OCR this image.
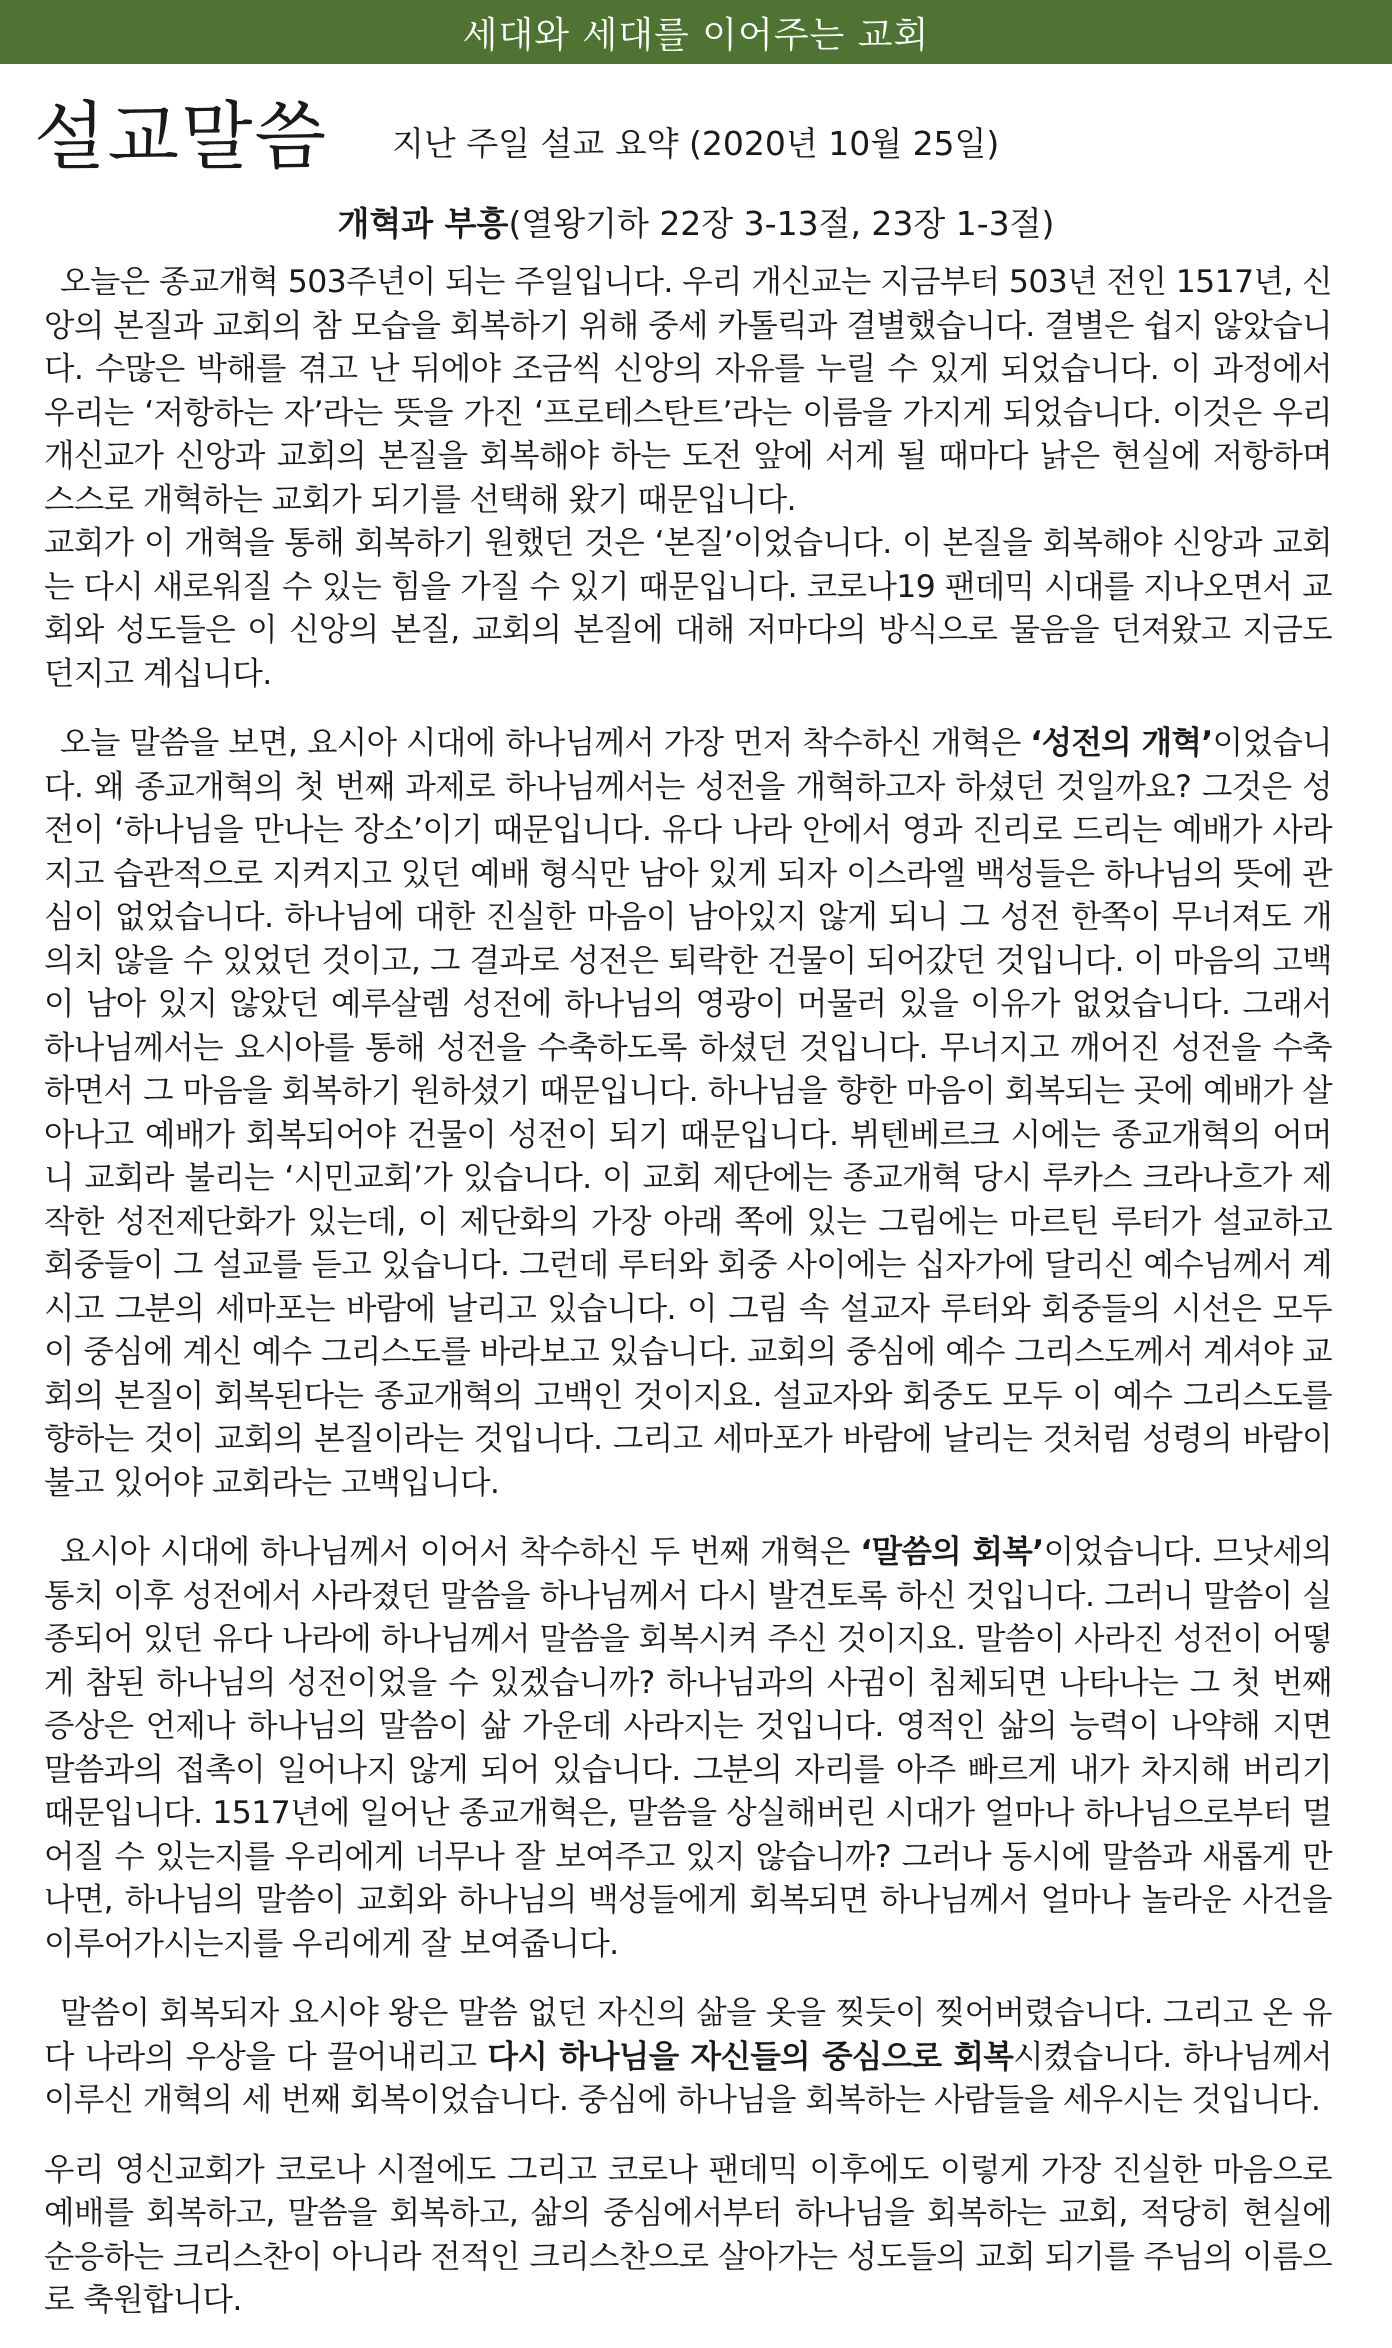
세대와 세대를 이어주는 교회
설교말씀 지난 주일 설교 요약 (2020년 10월 25일)
개혁과 부흥(열왕기하 22장 3-13절, 23장 1-3절)

오늘은 종교개혁 503주년이 되는 주일입니다. 우리 개신교는 지금부터 503년 전인 1517년, 신앙의 본질과 교회의 참 모습을 회복하기 위해 중세 카톨릭과 결별했습니다. 결별은 쉽지 않았습니다. 수많은 박해를 겪고 난 뒤에야 조금씩 신앙의 자유를 누릴 수 있게 되었습니다. 이 과정에서 우리는 ‘저항하는 자’라는 뜻을 가진 ‘프로테스탄트’라는 이름을 가지게 되었습니다. 이것은 우리 개신교가 신앙과 교회의 본질을 회복해야 하는 도전 앞에 서게 될 때마다 낡은 현실에 저항하며 스스로 개혁하는 교회가 되기를 선택해 왔기 때문입니다.

교회가 이 개혁을 통해 회복하기 원했던 것은 ‘본질’이었습니다. 이 본질을 회복해야 신앙과 교회는 다시 새로워질 수 있는 힘을 가질 수 있기 때문입니다. 코로나19 팬데믹 시대를 지나오면서 교회와 성도들은 이 신앙의 본질, 교회의 본질에 대해 저마다의 방식으로 물음을 던져왔고 지금도 던지고 계십니다.

오늘 말씀을 보면, 요시아 시대에 하나님께서 가장 먼저 착수하신 개혁은 ‘성전의 개혁’이었습니다. 왜 종교개혁의 첫 번째 과제로 하나님께서는 성전을 개혁하고자 하셨던 것일까요? 그것은 성전이 ‘하나님을 만나는 장소’이기 때문입니다. 유다 나라 안에서 영과 진리로 드리는 예배가 사라지고 습관적으로 지켜지고 있던 예배 형식만 남아 있게 되자 이스라엘 백성들은 하나님의 뜻에 관심이 없었습니다. 하나님에 대한 진실한 마음이 남아있지 않게 되니 그 성전 한쪽이 무너져도 개의치 않을 수 있었던 것이고, 그 결과로 성전은 퇴락한 건물이 되어갔던 것입니다. 이 마음의 고백이 남아 있지 않았던 예루살렘 성전에 하나님의 영광이 머물러 있을 이유가 없었습니다. 그래서 하나님께서는 요시아를 통해 성전을 수축하도록 하셨던 것입니다. 무너지고 깨어진 성전을 수축하면서 그 마음을 회복하기 원하셨기 때문입니다. 하나님을 향한 마음이 회복되는 곳에 예배가 살아나고 예배가 회복되어야 건물이 성전이 되기 때문입니다. 뷔텐베르크 시에는 종교개혁의 어머니 교회라 불리는 ‘시민교회’가 있습니다. 이 교회 제단에는 종교개혁 당시 루카스 크라나흐가 제작한 성전제단화가 있는데, 이 제단화의 가장 아래 쪽에 있는 그림에는 마르틴 루터가 설교하고 회중들이 그 설교를 듣고 있습니다. 그런데 루터와 회중 사이에는 십자가에 달리신 예수님께서 계시고 그분의 세마포는 바람에 날리고 있습니다. 이 그림 속 설교자 루터와 회중들의 시선은 모두 이 중심에 계신 예수 그리스도를 바라보고 있습니다. 교회의 중심에 예수 그리스도께서 계셔야 교회의 본질이 회복된다는 종교개혁의 고백인 것이지요. 설교자와 회중도 모두 이 예수 그리스도를 향하는 것이 교회의 본질이라는 것입니다. 그리고 세마포가 바람에 날리는 것처럼 성령의 바람이 불고 있어야 교회라는 고백입니다.

요시아 시대에 하나님께서 이어서 착수하신 두 번째 개혁은 ‘말씀의 회복’이었습니다. 므낫세의 통치 이후 성전에서 사라졌던 말씀을 하나님께서 다시 발견토록 하신 것입니다. 그러니 말씀이 실종되어 있던 유다 나라에 하나님께서 말씀을 회복시켜 주신 것이지요. 말씀이 사라진 성전이 어떻게 참된 하나님의 성전이었을 수 있겠습니까? 하나님과의 사귐이 침체되면 나타나는 그 첫 번째 증상은 언제나 하나님의 말씀이 삶 가운데 사라지는 것입니다. 영적인 삶의 능력이 나약해 지면 말씀과의 접촉이 일어나지 않게 되어 있습니다. 그분의 자리를 아주 빠르게 내가 차지해 버리기 때문입니다. 1517년에 일어난 종교개혁은, 말씀을 상실해버린 시대가 얼마나 하나님으로부터 멀어질 수 있는지를 우리에게 너무나 잘 보여주고 있지 않습니까? 그러나 동시에 말씀과 새롭게 만나면, 하나님의 말씀이 교회와 하나님의 백성들에게 회복되면 하나님께서 얼마나 놀라운 사건을 이루어가시는지를 우리에게 잘 보여줍니다.

말씀이 회복되자 요시야 왕은 말씀 없던 자신의 삶을 옷을 찢듯이 찢어버렸습니다. 그리고 온 유다 나라의 우상을 다 끌어내리고 다시 하나님을 자신들의 중심으로 회복시켰습니다. 하나님께서 이루신 개혁의 세 번째 회복이었습니다. 중심에 하나님을 회복하는 사람들을 세우시는 것입니다.

우리 영신교회가 코로나 시절에도 그리고 코로나 팬데믹 이후에도 이렇게 가장 진실한 마음으로 예배를 회복하고, 말씀을 회복하고, 삶의 중심에서부터 하나님을 회복하는 교회, 적당히 현실에 순응하는 크리스찬이 아니라 전적인 크리스찬으로 살아가는 성도들의 교회 되기를 주님의 이름으로 축원합니다.
